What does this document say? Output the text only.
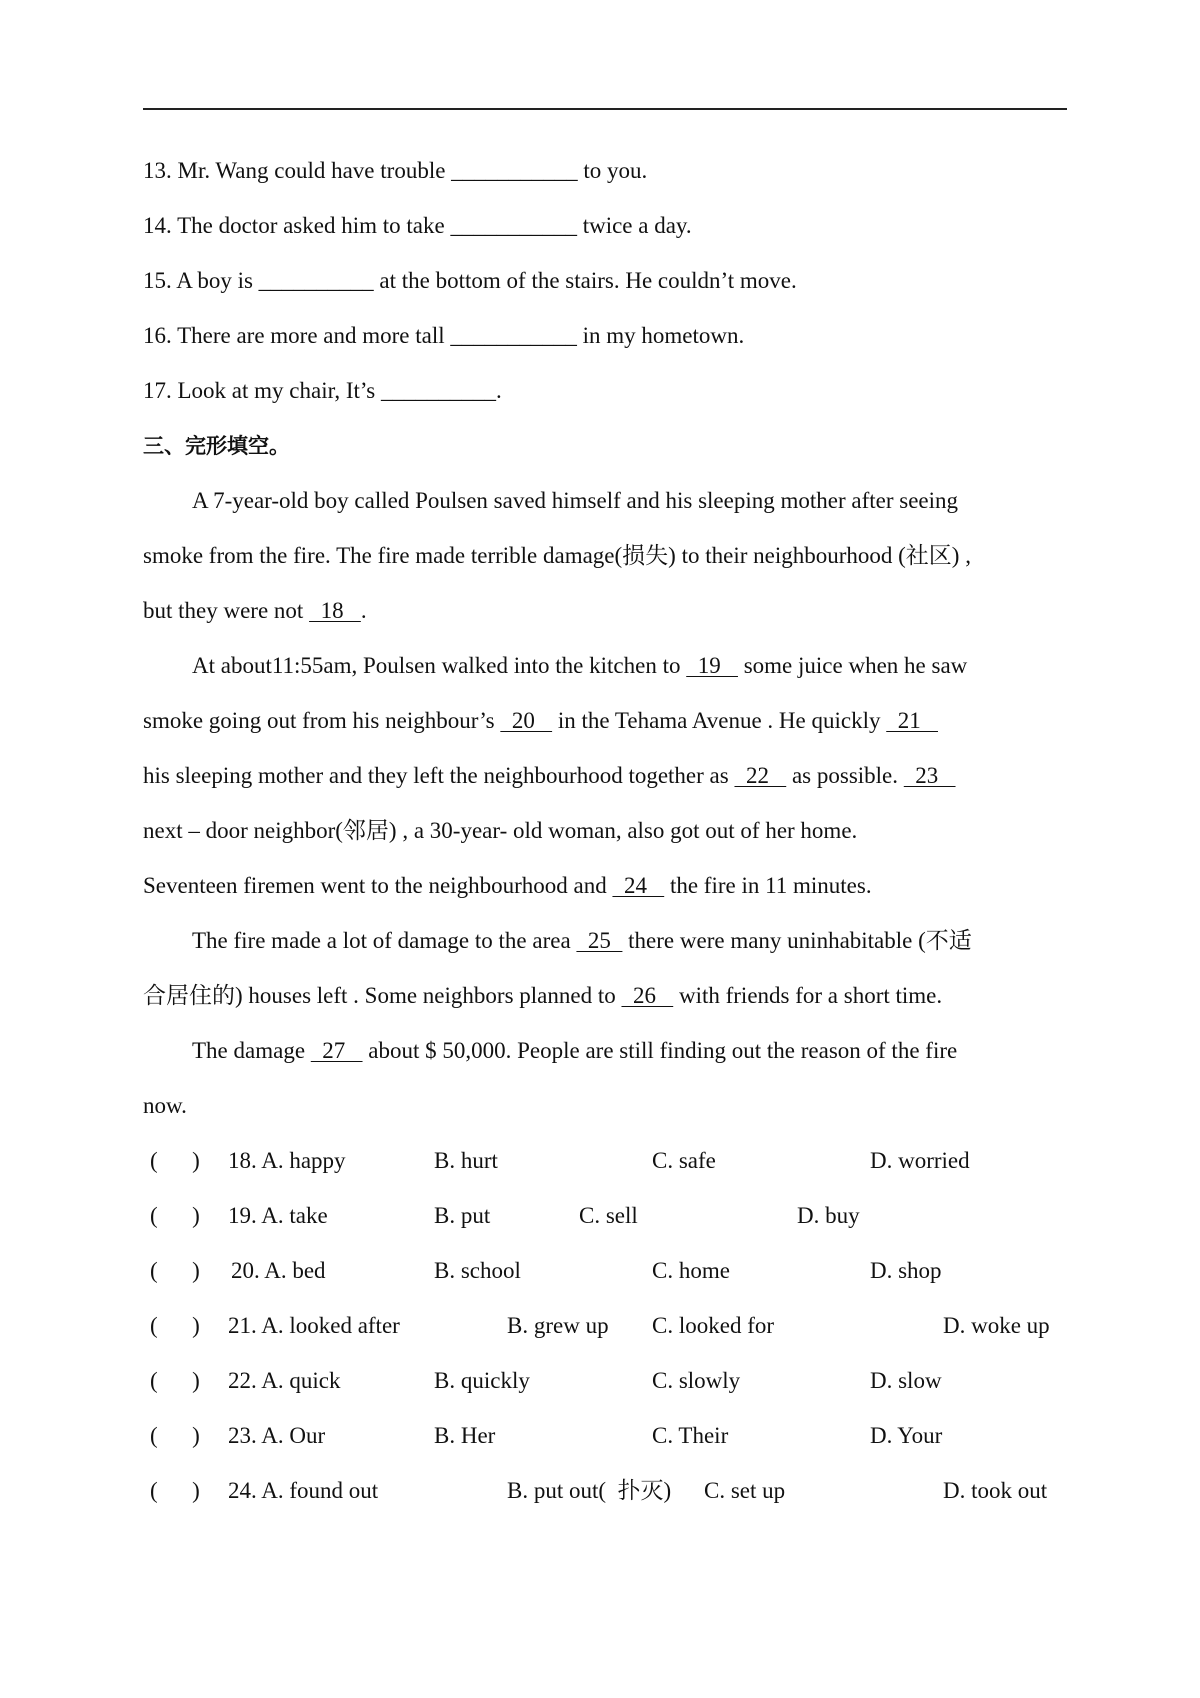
13. Mr. Wang could have trouble ___________ to you.
14. The doctor asked him to take ___________ twice a day.
15. A boy is __________ at the bottom of the stairs. He couldn’t move.
16. There are more and more tall ___________ in my hometown.
17. Look at my chair, It’s __________.
三、完形填空。
A 7-year-old boy called Poulsen saved himself and his sleeping mother after seeing
smoke from the fire. The fire made terrible damage(损失) to their neighbourhood (社区) ,
but they were not   18   .
At about11:55am, Poulsen walked into the kitchen to   19    some juice when he saw
smoke going out from his neighbour’s   20    in the Tehama Avenue . He quickly   21
his sleeping mother and they left the neighbourhood together as   22    as possible.   23
next – door neighbor(邻居) , a 30-year- old woman, also got out of her home.
Seventeen firemen went to the neighbourhood and   24    the fire in 11 minutes.
The fire made a lot of damage to the area   25   there were many uninhabitable (不适
合居住的) houses left . Some neighbors planned to   26    with friends for a short time.
The damage   27    about $ 50,000. People are still finding out the reason of the fire
now.
(      ) 18. A. happy	B. hurt	C. safe	D. worried
(      ) 19. A. take	B. put	C. sell	D. buy
(      ) 20. A. bed	B. school	C. home	D. shop
(      ) 21. A. looked after	B. grew up C. looked for	D. woke up
(      ) 22. A. quick	B. quickly	C. slowly	D. slow
(      ) 23. A. Our	B. Her	C. Their	D. Your
(      ) 24. A. found out	B. put out(  扑灭) C. set up	D. took out
